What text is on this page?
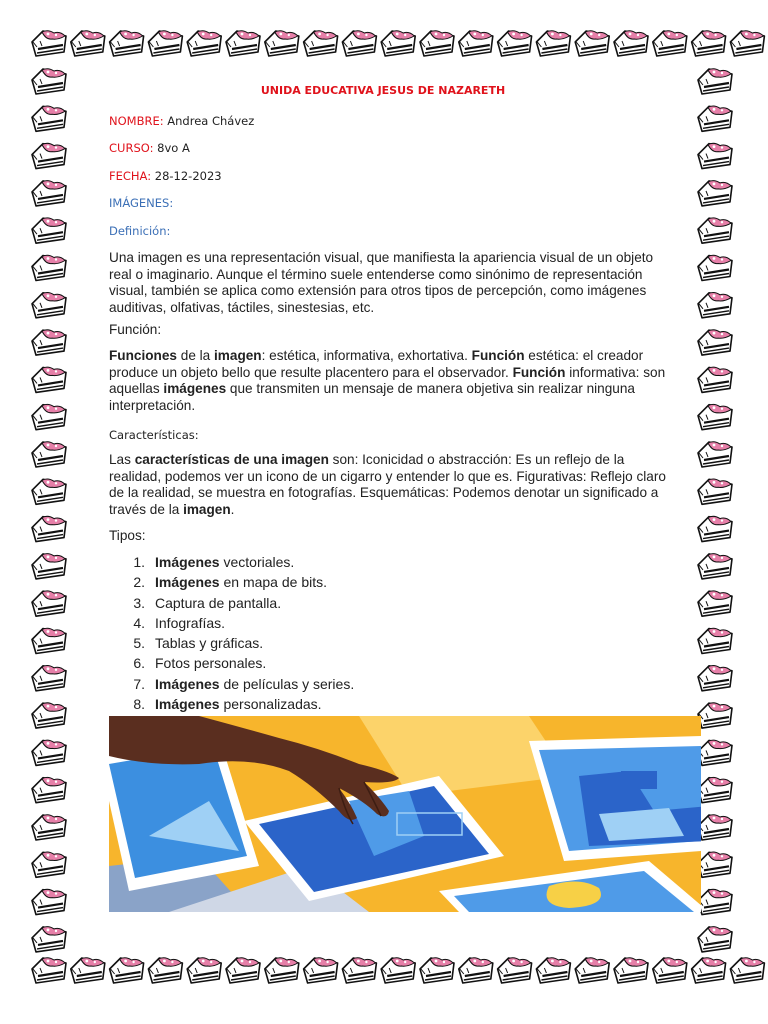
UNIDA EDUCATIVA JESUS DE NAZARETH
NOMBRE: Andrea Chávez
CURSO: 8vo A
FECHA: 28-12-2023
IMÁGENES:
Definición:
Una imagen es una representación visual, que manifiesta la apariencia visual de un objeto real o imaginario. Aunque el término suele entenderse como sinónimo de representación visual, también se aplica como extensión para otros tipos de percepción, como imágenes auditivas, olfativas, táctiles, sinestesias, etc.
Función:
Funciones de la imagen: estética, informativa, exhortativa. Función estética: el creador produce un objeto bello que resulte placentero para el observador. Función informativa: son aquellas imágenes que transmiten un mensaje de manera objetiva sin realizar ninguna interpretación.
Características:
Las características de una imagen son: Iconicidad o abstracción: Es un reflejo de la realidad, podemos ver un icono de un cigarro y entender lo que es. Figurativas: Reflejo claro de la realidad, se muestra en fotografías. Esquemáticas: Podemos denotar un significado a través de la imagen.
Tipos:
1. Imágenes vectoriales.
2. Imágenes en mapa de bits.
3. Captura de pantalla.
4. Infografías.
5. Tablas y gráficas.
6. Fotos personales.
7. Imágenes de películas y series.
8. Imágenes personalizadas.
